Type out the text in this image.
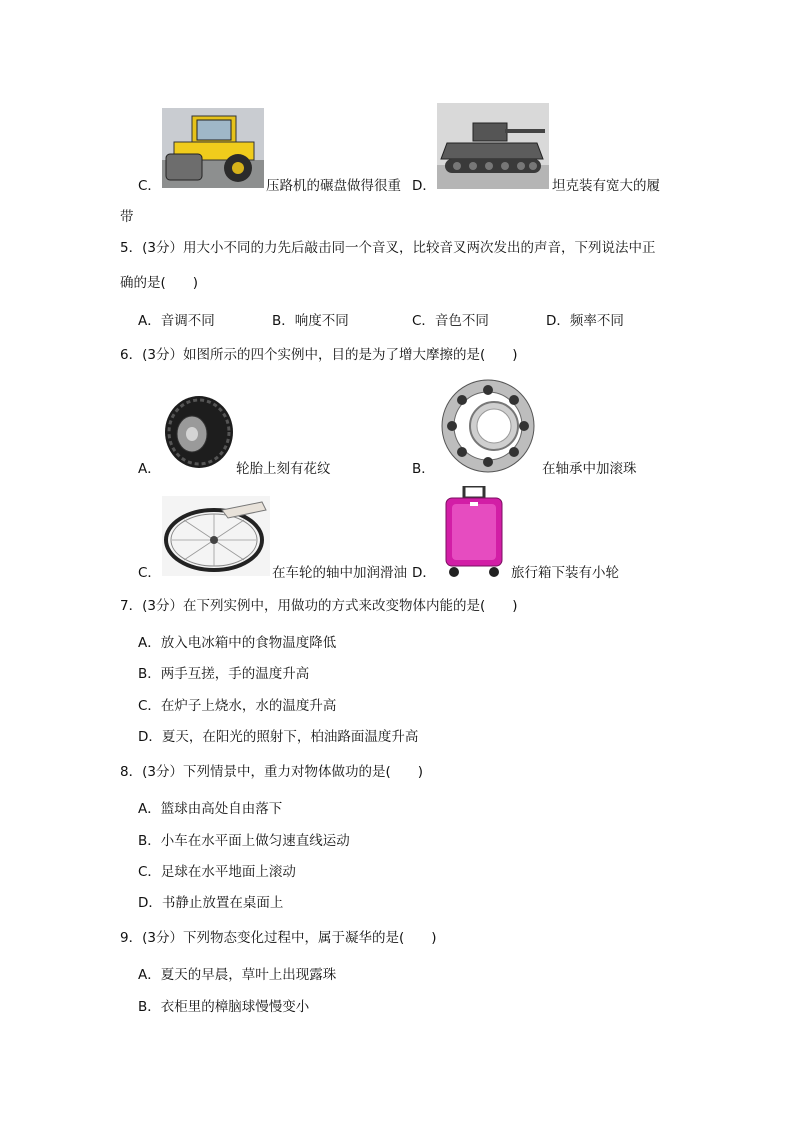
C．	压路机的碾盘做得很重 D．	坦克装有宽大的履
带
5．(3分）用大小不同的力先后敲击同一个音叉，比较音叉两次发出的声音，下列说法中正
确的是(　　)
A．音调不同	B．响度不同	C．音色不同	D．频率不同
6．(3分）如图所示的四个实例中，目的是为了增大摩擦的是(　　)
A．	轮胎上刻有花纹	B．	在轴承中加滚珠
C．	在车轮的轴中加润滑油 D．	旅行箱下装有小轮
7．(3分）在下列实例中，用做功的方式来改变物体内能的是(　　)
A．放入电冰箱中的食物温度降低
B．两手互搓，手的温度升高
C．在炉子上烧水，水的温度升高
D．夏天，在阳光的照射下，柏油路面温度升高
8．(3分）下列情景中，重力对物体做功的是(　　)
A．篮球由高处自由落下
B．小车在水平面上做匀速直线运动
C．足球在水平地面上滚动
D．书静止放置在桌面上
9．(3分）下列物态变化过程中，属于凝华的是(　　)
A．夏天的早晨，草叶上出现露珠
B．衣柜里的樟脑球慢慢变小
